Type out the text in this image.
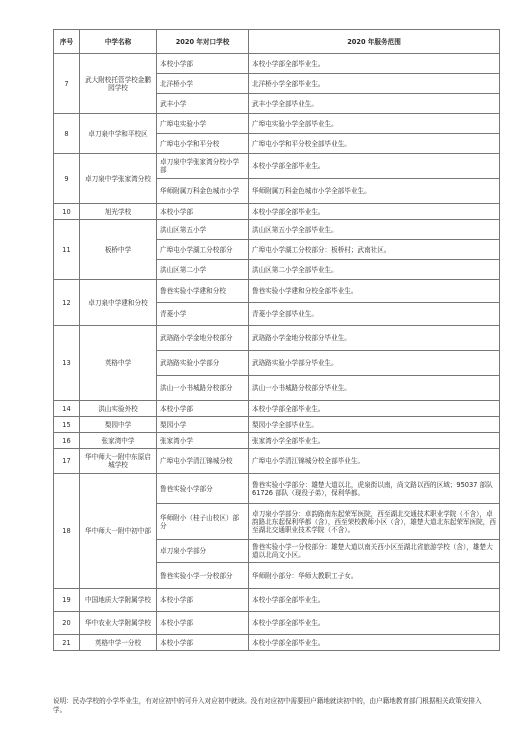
序号	中学名称	2020 年对口学校	2020 年服务范围
7	武大附校托管学校金鹏园学校	本校小学部	本校小学部全部毕业生。
		北洋桥小学	北洋桥小学全部毕业生。
		武丰小学	武丰小学全部毕业生。
8	卓刀泉中学和平校区	广埠屯实验小学	广埠屯实验小学全部毕业生。
		广埠屯小学和平分校	广埠屯小学和平分校全部毕业生。
9	卓刀泉中学张家湾分校	卓刀泉中学张家湾分校小学部	本校小学部全部毕业生。
		华师附属万科金色城市小学	华师附属万科金色城市小学全部毕业生。
10	旭光学校	本校小学部	本校小学部全部毕业生。
11	板桥中学	洪山区第五小学	洪山区第五小学全部毕业生。
		广埠屯小学湖工分校部分	广埠屯小学湖工分校部分：板桥村；武南社区。
		洪山区第二小学	洪山区第二小学全部毕业生。
12	卓刀泉中学建和分校	鲁巷实验小学建和分校	鲁巷实验小学建和分校全部毕业生。
		青菱小学	青菱小学全部毕业生。
13	英格中学	武珞路小学金地分校部分	武珞路小学金地分校部分毕业生。
		武珞路实验小学部分	武珞路实验小学部分毕业生。
		洪山一小书城路分校部分	洪山一小书城路分校部分毕业生。
14	洪山实验外校	本校小学部	本校小学部全部毕业生。
15	梨园中学	梨园小学	梨园小学全部毕业生。
16	张家湾中学	张家湾小学	张家湾小学全部毕业生。
17	华中师大一附中东原启城学校	广埠屯小学清江锦城分校	广埠屯小学清江锦城分校全部毕业生。
18	华中师大一附中初中部	鲁巷实验小学部分	鲁巷实验小学部分：雄楚大道以北，虎泉街以南，尚文路以西的区域；95037 部队 61726 部队（现役子弟），保利华都。
		华师附小（桂子山校区）部分	卓刀泉小学部分：卓韵路南东起荣军医院，西至湖北交通技术职业学院（不含），卓韵路北东起保利华都（含），西至荣校教师小区（含），雄楚大道北东起荣军医院，西至湖北交通职业技术学院（不含）。
		卓刀泉小学部分	鲁巷实验小学一分校部分：雄楚大道以南关西小区至湖北省旅游学校（含），雄楚大道以北尚文小区。
		鲁巷实验小学一分校部分	华师附小部分：华师大教职工子女。
19	中国地质大学附属学校	本校小学部	本校小学部全部毕业生。
20	华中农业大学附属学校	本校小学部	本校小学部全部毕业生。
21	英格中学一分校	本校小学部	本校小学部全部毕业生。
说明：民办学校的小学毕业生，有对应初中的可升入对应初中就读。没有对应初中需要回户籍地就读初中的，由户籍地教育部门根据相关政策安排入学。
